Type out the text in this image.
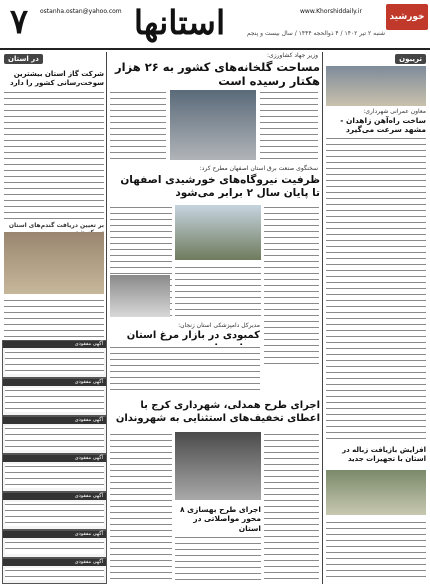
۷	ostanha.ostan@yahoo.com استانها	www.Khorshiddaily.ir
خورشید
شنبه ۲ تیر ۱۴۰۲ / ۴ ذوالحجه ۱۴۴۴ / سال بیست و پنجم
تریبون
در استان	وزیر جهاد کشاورزی:
مساحت گلخانه‌های کشور به ۲۶ هزار هکتار رسیده است
سخنگوی صنعت برق استان اصفهان مطرح کرد:
ظرفیت نیروگاه‌های خورشیدی اصفهان تا پایان سال ۲ برابر می‌شود
مدیرکل دامپزشکی استان زنجان:
کمبودی در بازار مرغ استان
اجرای طرح همدلی، شهرداری کرج با اعطای تخفیف‌های استثنایی به شهروندان
اجرای طرح بهسازی ۸ محور مواصلاتی در استان
معاون عمرانی شهرداری:
ساخت راه‌آهن زاهدان - مشهد سرعت می‌گیرد
افزایش بازیافت زباله در استان با تجهیزات جدید
شرکت گاز استان بیشترین سوخت‌رسانی کشور را دارد
بر تعیین دریافت گندم‌های استان
آگهی مفقودی
آگهی مفقودی
آگهی مفقودی
آگهی مفقودی
آگهی مفقودی
آگهی مفقودی
آگهی مفقودی
